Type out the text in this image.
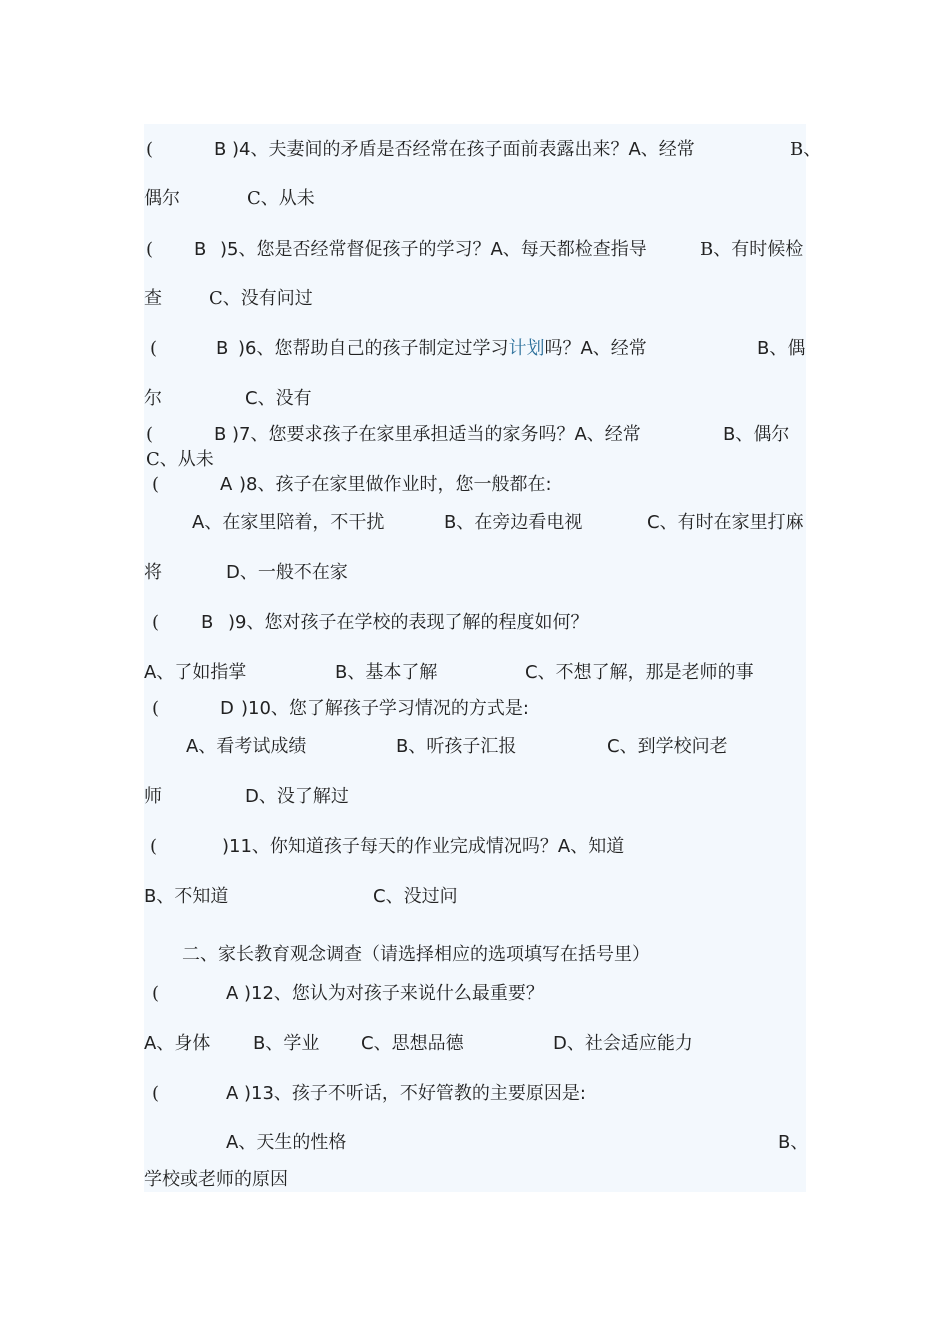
(	B )4、夫妻间的矛盾是否经常在孩子面前表露出来？A、经常	B、
偶尔	C、从未
( B )5、您是否经常督促孩子的学习？A、每天都检查指导	B、有时候检
查	C、没有问过
(	B )6、您帮助自己的孩子制定过学习计划吗？A、经常	B、偶
尔	C、没有
(	B )7、您要求孩子在家里承担适当的家务吗？A、经常	B、偶尔
C、从未
(	A )8、孩子在家里做作业时，您一般都在:
A、在家里陪着，不干扰	B、在旁边看电视	C、有时在家里打麻
将	D、一般不在家
( B )9、您对孩子在学校的表现了解的程度如何？
A、了如指掌	B、基本了解	C、不想了解，那是老师的事
(	D )10、您了解孩子学习情况的方式是:
A、看考试成绩	B、听孩子汇报	C、到学校问老
师	D、没了解过
(	)11、你知道孩子每天的作业完成情况吗？A、知道
B、不知道	C、没过问
二、家长教育观念调查（请选择相应的选项填写在括号里）
(	A )12、您认为对孩子来说什么最重要？
A、身体 B、学业 C、思想品德	D、社会适应能力
(	A )13、孩子不听话，不好管教的主要原因是:
A、天生的性格	B、
学校或老师的原因
